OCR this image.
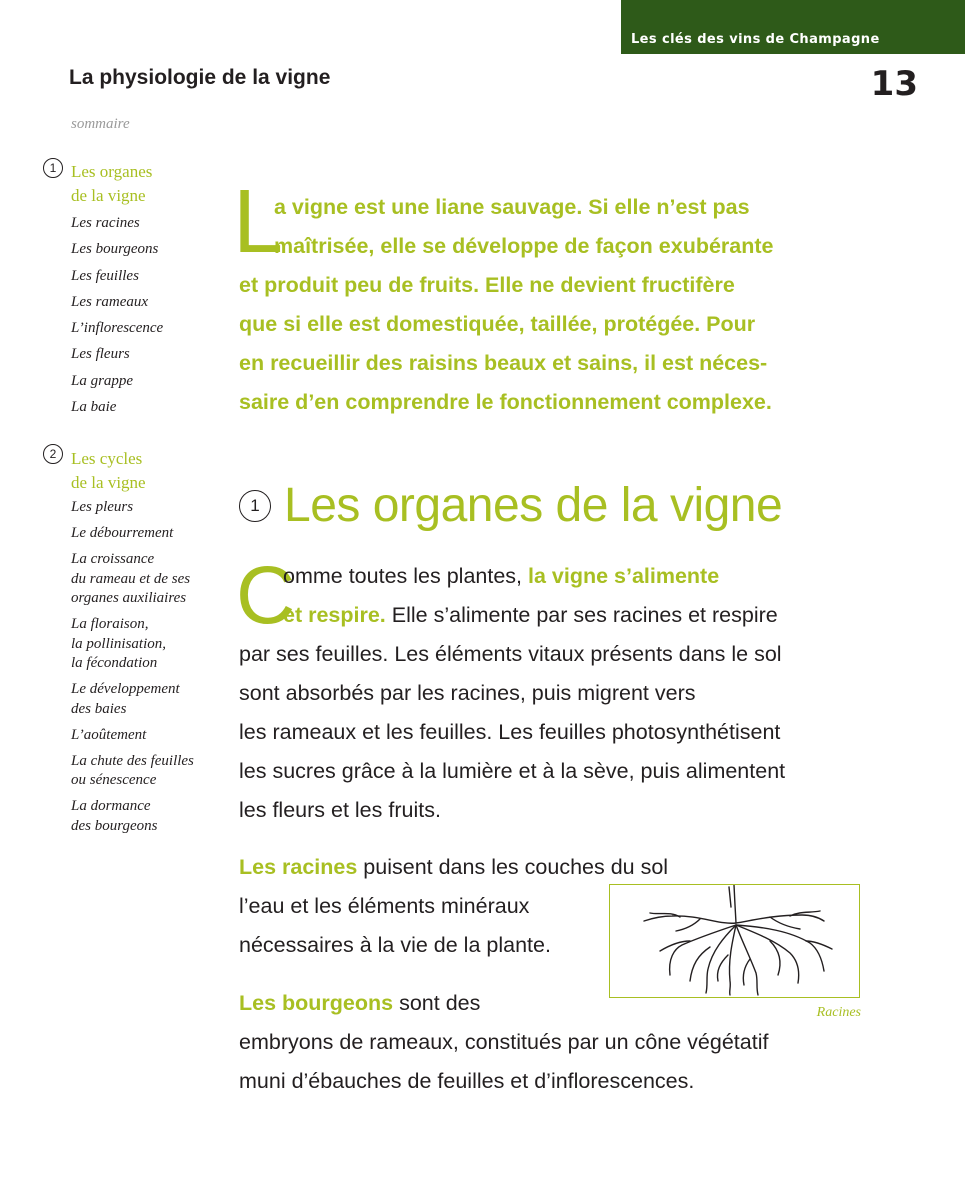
Les clés des vins de Champagne
La physiologie de la vigne	13
sommaire
1 Les organes
de la vigne
Les racines
Les bourgeons
Les feuilles
Les rameaux
L’inflorescence
Les fleurs
La grappe
La baie
2 Les cycles
de la vigne
Les pleurs
Le débourrement
La croissance
du rameau et de ses
organes auxiliaires
La floraison,
la pollinisation,
la fécondation
Le développement
des baies
L’aoûtement
La chute des feuilles
ou sénescence
La dormance
des bourgeons
L
a vigne est une liane sauvage. Si elle n’est pas
maîtrisée, elle se développe de façon exubérante
et produit peu de fruits. Elle ne devient fructifère
que si elle est domestiquée, taillée, protégée. Pour
en recueillir des raisins beaux et sains, il est néces-
saire d’en comprendre le fonctionnement complexe.
1 Les organes de la vigne
C
omme toutes les plantes, la vigne s’alimente
et respire. Elle s’alimente par ses racines et respire
par ses feuilles. Les éléments vitaux présents dans le sol
sont absorbés par les racines, puis migrent vers
les rameaux et les feuilles. Les feuilles photosynthétisent
les sucres grâce à la lumière et à la sève, puis alimentent
les fleurs et les fruits.
Les racines puisent dans les couches du sol
l’eau et les éléments minéraux
nécessaires à la vie de la plante.
Racines
Les bourgeons sont des
embryons de rameaux, constitués par un cône végétatif
muni d’ébauches de feuilles et d’inflorescences.
